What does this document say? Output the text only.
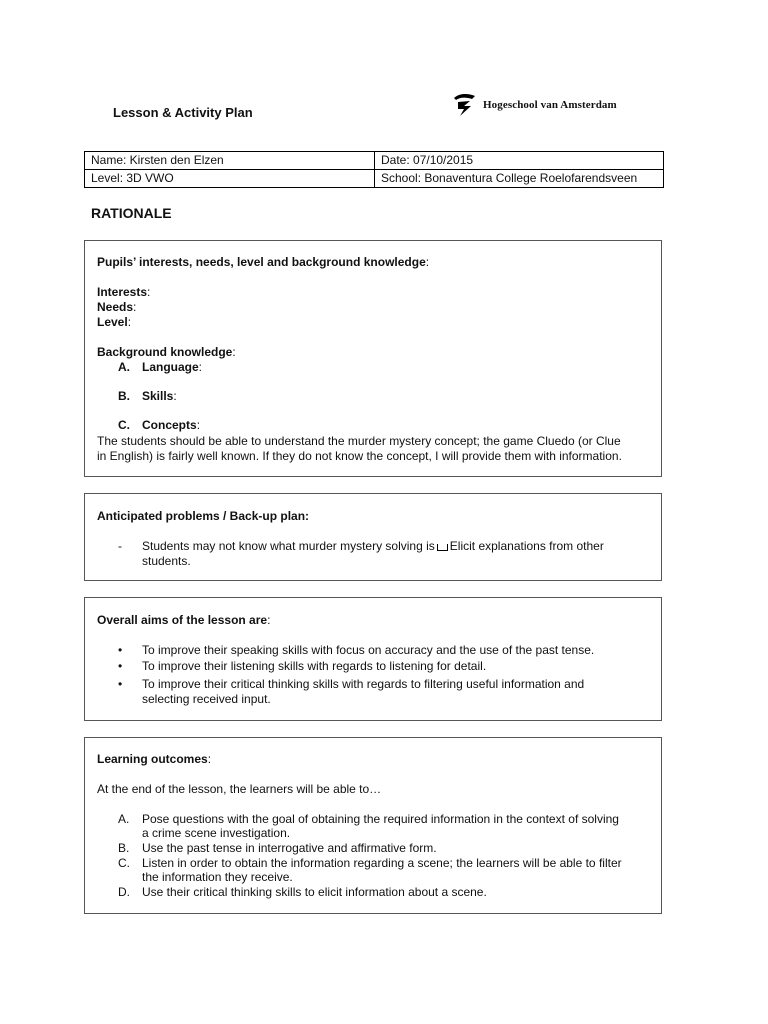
Lesson & Activity Plan	Hogeschool van Amsterdam
Name: Kirsten den Elzen	Date: 07/10/2015
Level: 3D VWO	School: Bonaventura College Roelofarendsveen
RATIONALE
Pupils’ interests, needs, level and background knowledge:
Interests:
Needs:
Level:
Background knowledge:
A. Language:
B. Skills:
C. Concepts:
The students should be able to understand the murder mystery concept; the game Cluedo (or Clue
in English) is fairly well known. If they do not know the concept, I will provide them with information.
Anticipated problems / Back-up plan:
- Students may not know what murder mystery solving is Elicit explanations from other
students.
Overall aims of the lesson are:
• To improve their speaking skills with focus on accuracy and the use of the past tense.
• To improve their listening skills with regards to listening for detail.
• To improve their critical thinking skills with regards to filtering useful information and
selecting received input.
Learning outcomes:
At the end of the lesson, the learners will be able to…
A. Pose questions with the goal of obtaining the required information in the context of solving
a crime scene investigation.
B. Use the past tense in interrogative and affirmative form.
C. Listen in order to obtain the information regarding a scene; the learners will be able to filter
the information they receive.
D. Use their critical thinking skills to elicit information about a scene.
